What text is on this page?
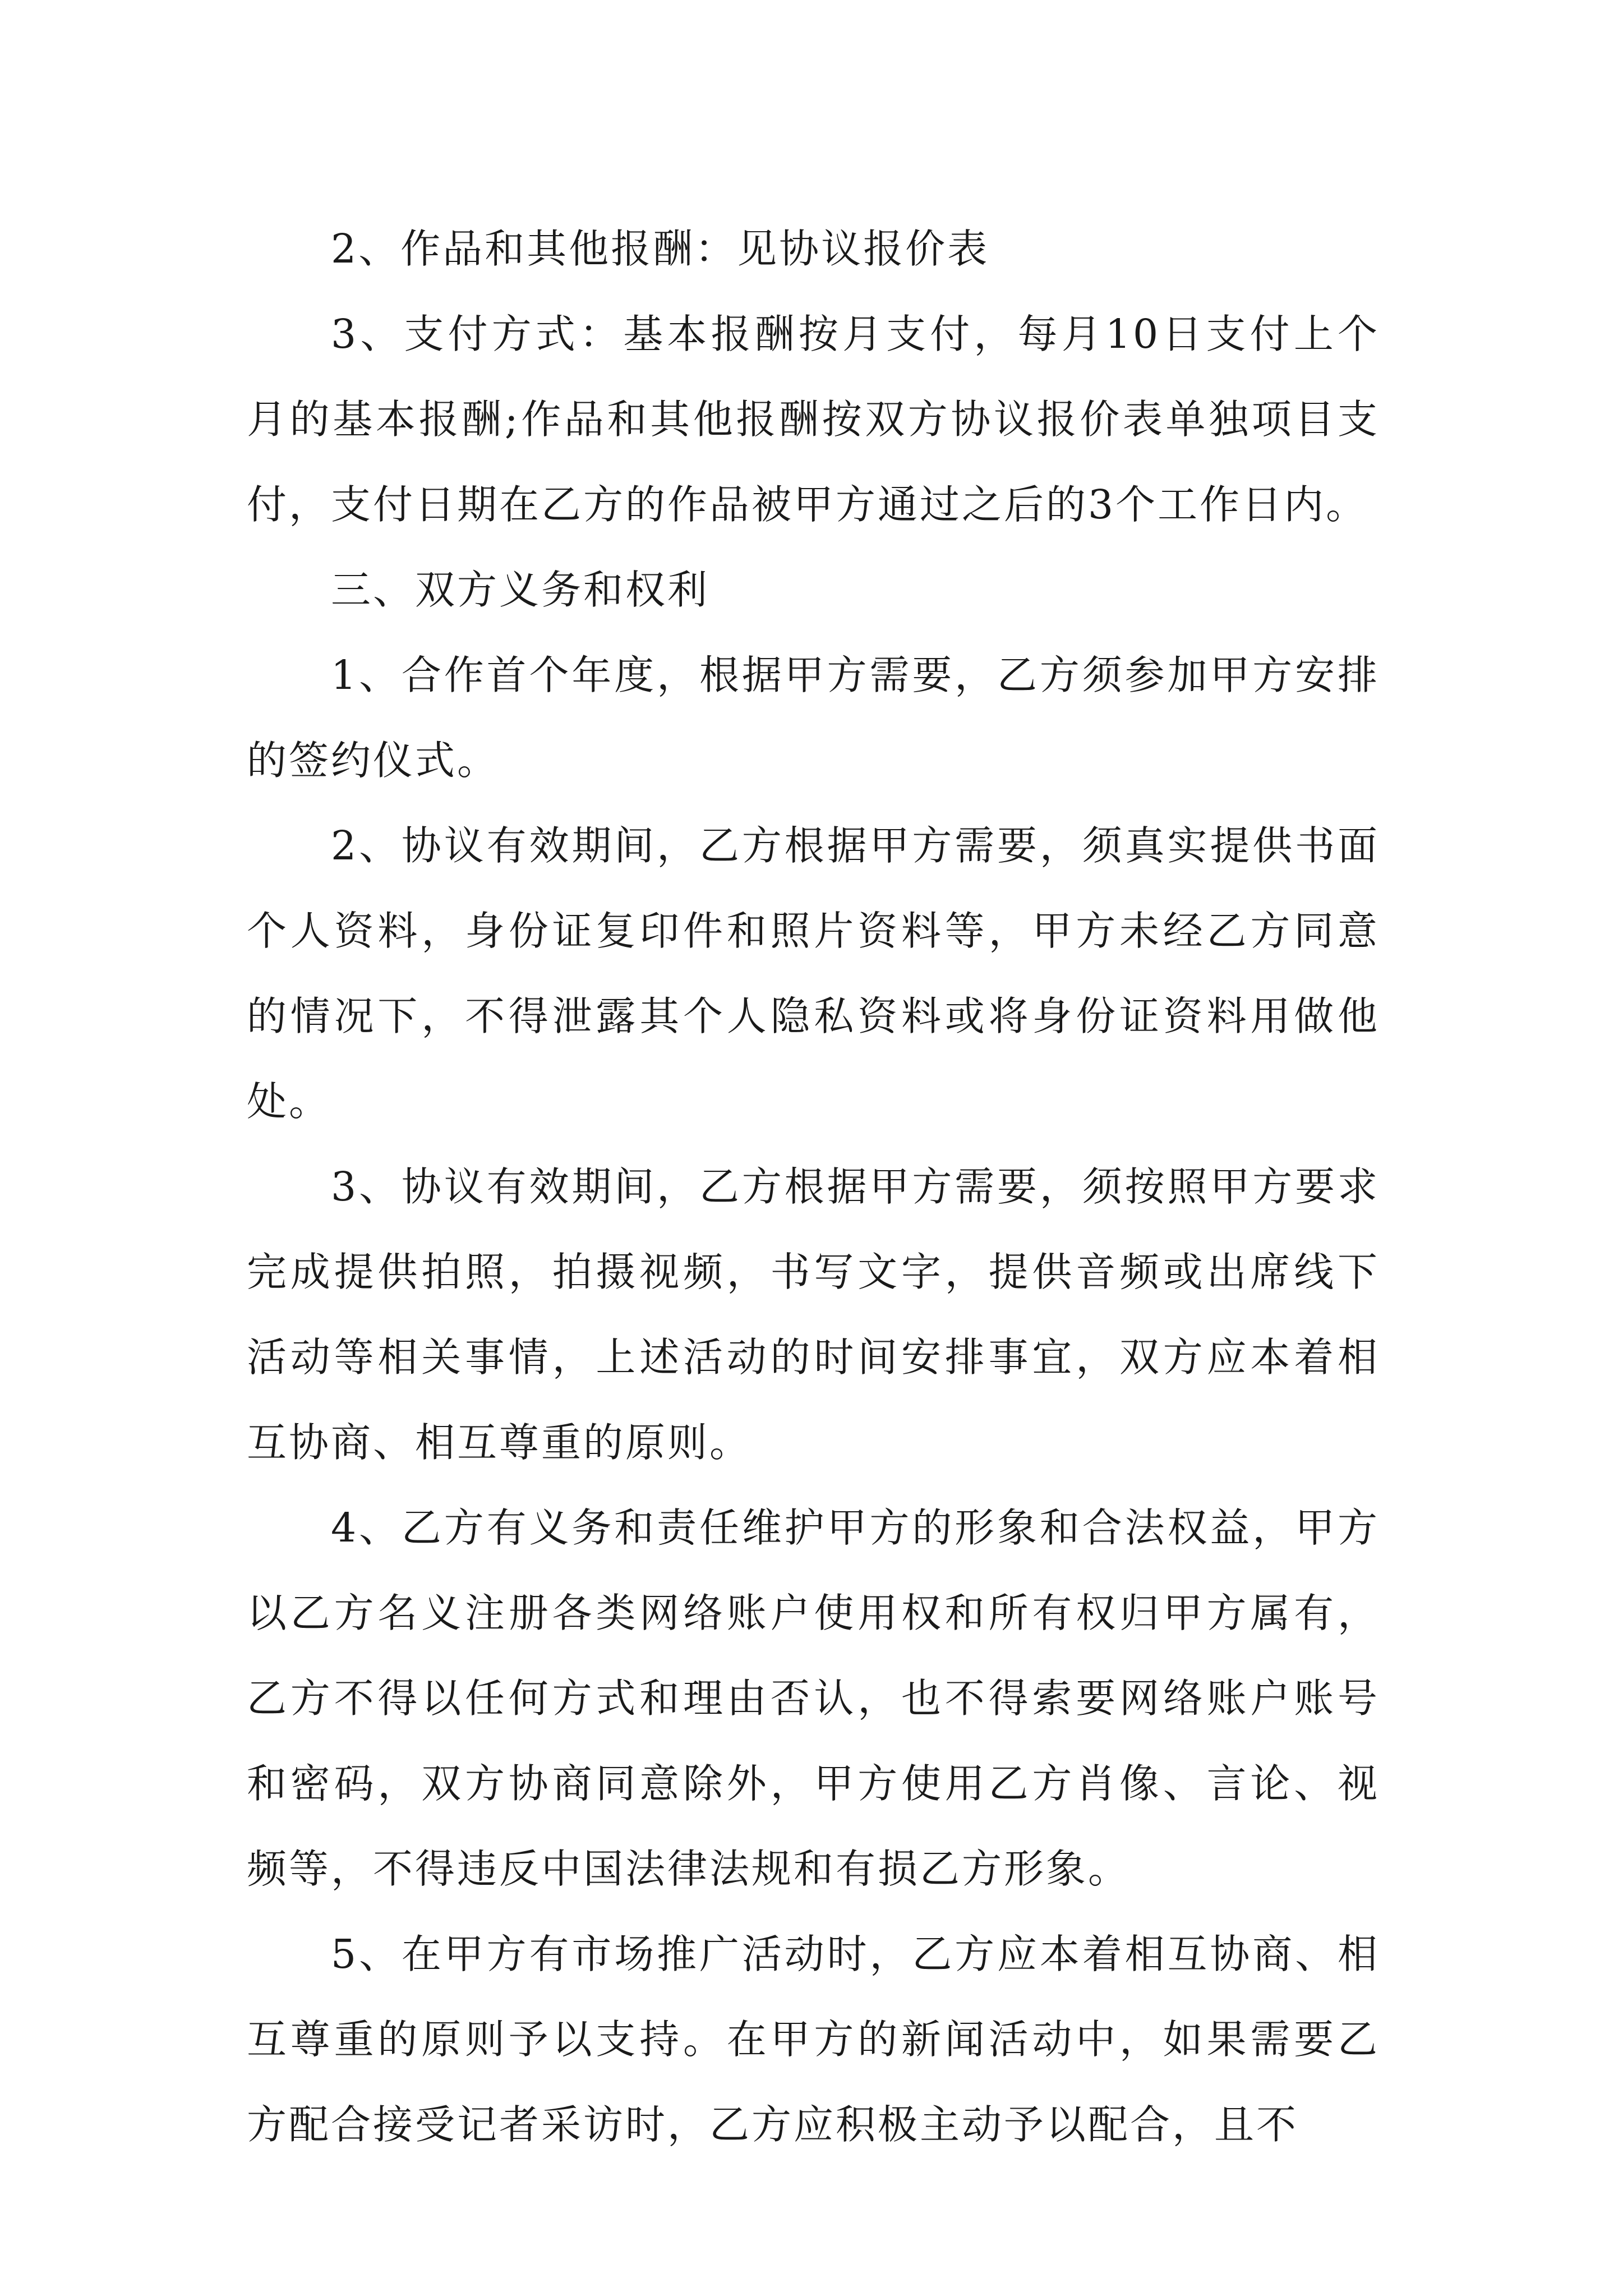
2、作品和其他报酬：见协议报价表

3、支付方式：基本报酬按月支付，每月10日支付上个月的基本报酬;作品和其他报酬按双方协议报价表单独项目支付，支付日期在乙方的作品被甲方通过之后的3个工作日内。

三、双方义务和权利

1、合作首个年度，根据甲方需要，乙方须参加甲方安排的签约仪式。

2、协议有效期间，乙方根据甲方需要，须真实提供书面个人资料，身份证复印件和照片资料等，甲方未经乙方同意的情况下，不得泄露其个人隐私资料或将身份证资料用做他处。

3、协议有效期间，乙方根据甲方需要，须按照甲方要求完成提供拍照，拍摄视频，书写文字，提供音频或出席线下活动等相关事情，上述活动的时间安排事宜，双方应本着相互协商、相互尊重的原则。

4、乙方有义务和责任维护甲方的形象和合法权益，甲方以乙方名义注册各类网络账户使用权和所有权归甲方属有，乙方不得以任何方式和理由否认，也不得索要网络账户账号和密码，双方协商同意除外，甲方使用乙方肖像、言论、视频等，不得违反中国法律法规和有损乙方形象。

5、在甲方有市场推广活动时，乙方应本着相互协商、相互尊重的原则予以支持。在甲方的新闻活动中，如果需要乙方配合接受记者采访时，乙方应积极主动予以配合，且不
